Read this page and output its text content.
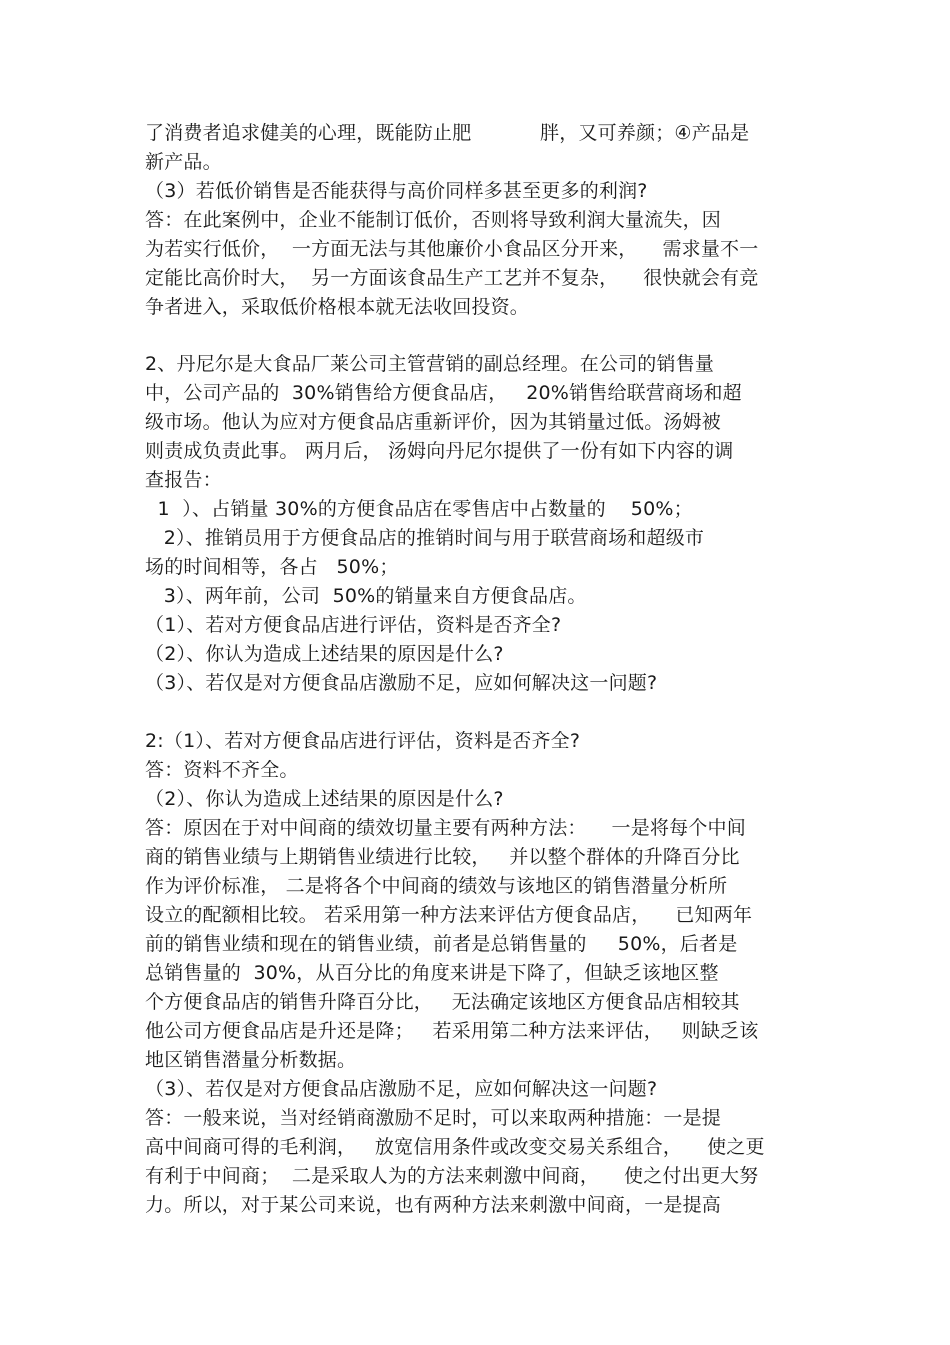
了消费者追求健美的心理，既能防止肥           胖，又可养颜；④产品是
新产品。
（3）若低价销售是否能获得与高价同样多甚至更多的利润?
答：在此案例中，企业不能制订低价，否则将导致利润大量流失，因
为若实行低价，  一方面无法与其他廉价小食品区分开来，    需求量不一
定能比高价时大，  另一方面该食品生产工艺并不复杂，    很快就会有竞
争者进入，采取低价格根本就无法收回投资。
2、丹尼尔是大食品厂莱公司主管营销的副总经理。在公司的销售量
中，公司产品的  30%销售给方便食品店，   20%销售给联营商场和超
级市场。他认为应对方便食品店重新评价，因为其销量过低。汤姆被
则责成负责此事。 两月后， 汤姆向丹尼尔提供了一份有如下内容的调
查报告：
1  ）、占销量 30%的方便食品店在零售店中占数量的    50%；
2）、推销员用于方便食品店的推销时间与用于联营商场和超级市
场的时间相等，各占   50%；
3）、两年前，公司  50%的销量来自方便食品店。
（1）、若对方便食品店进行评估，资料是否齐全?
（2）、你认为造成上述结果的原因是什么?
（3）、若仅是对方便食品店激励不足，应如何解决这一问题?
2:（1）、若对方便食品店进行评估，资料是否齐全?
答：资料不齐全。
（2）、你认为造成上述结果的原因是什么?
答：原因在于对中间商的绩效切量主要有两种方法：    一是将每个中间
商的销售业绩与上期销售业绩进行比较，   并以整个群体的升降百分比
作为评价标准， 二是将各个中间商的绩效与该地区的销售潜量分析所
设立的配额相比较。 若采用第一种方法来评估方便食品店，    已知两年
前的销售业绩和现在的销售业绩，前者是总销售量的     50%，后者是
总销售量的  30%，从百分比的角度来讲是下降了，但缺乏该地区整
个方便食品店的销售升降百分比，   无法确定该地区方便食品店相较其
他公司方便食品店是升还是降；   若采用第二种方法来评估，   则缺乏该
地区销售潜量分析数据。
（3）、若仅是对方便食品店激励不足，应如何解决这一问题?
答：一般来说，当对经销商激励不足时，可以来取两种措施：一是提
高中间商可得的毛利润，   放宽信用条件或改变交易关系组合，    使之更
有利于中间商；  二是采取人为的方法来刺激中间商，    使之付出更大努
力。所以，对于某公司来说，也有两种方法来刺激中间商，一是提高
